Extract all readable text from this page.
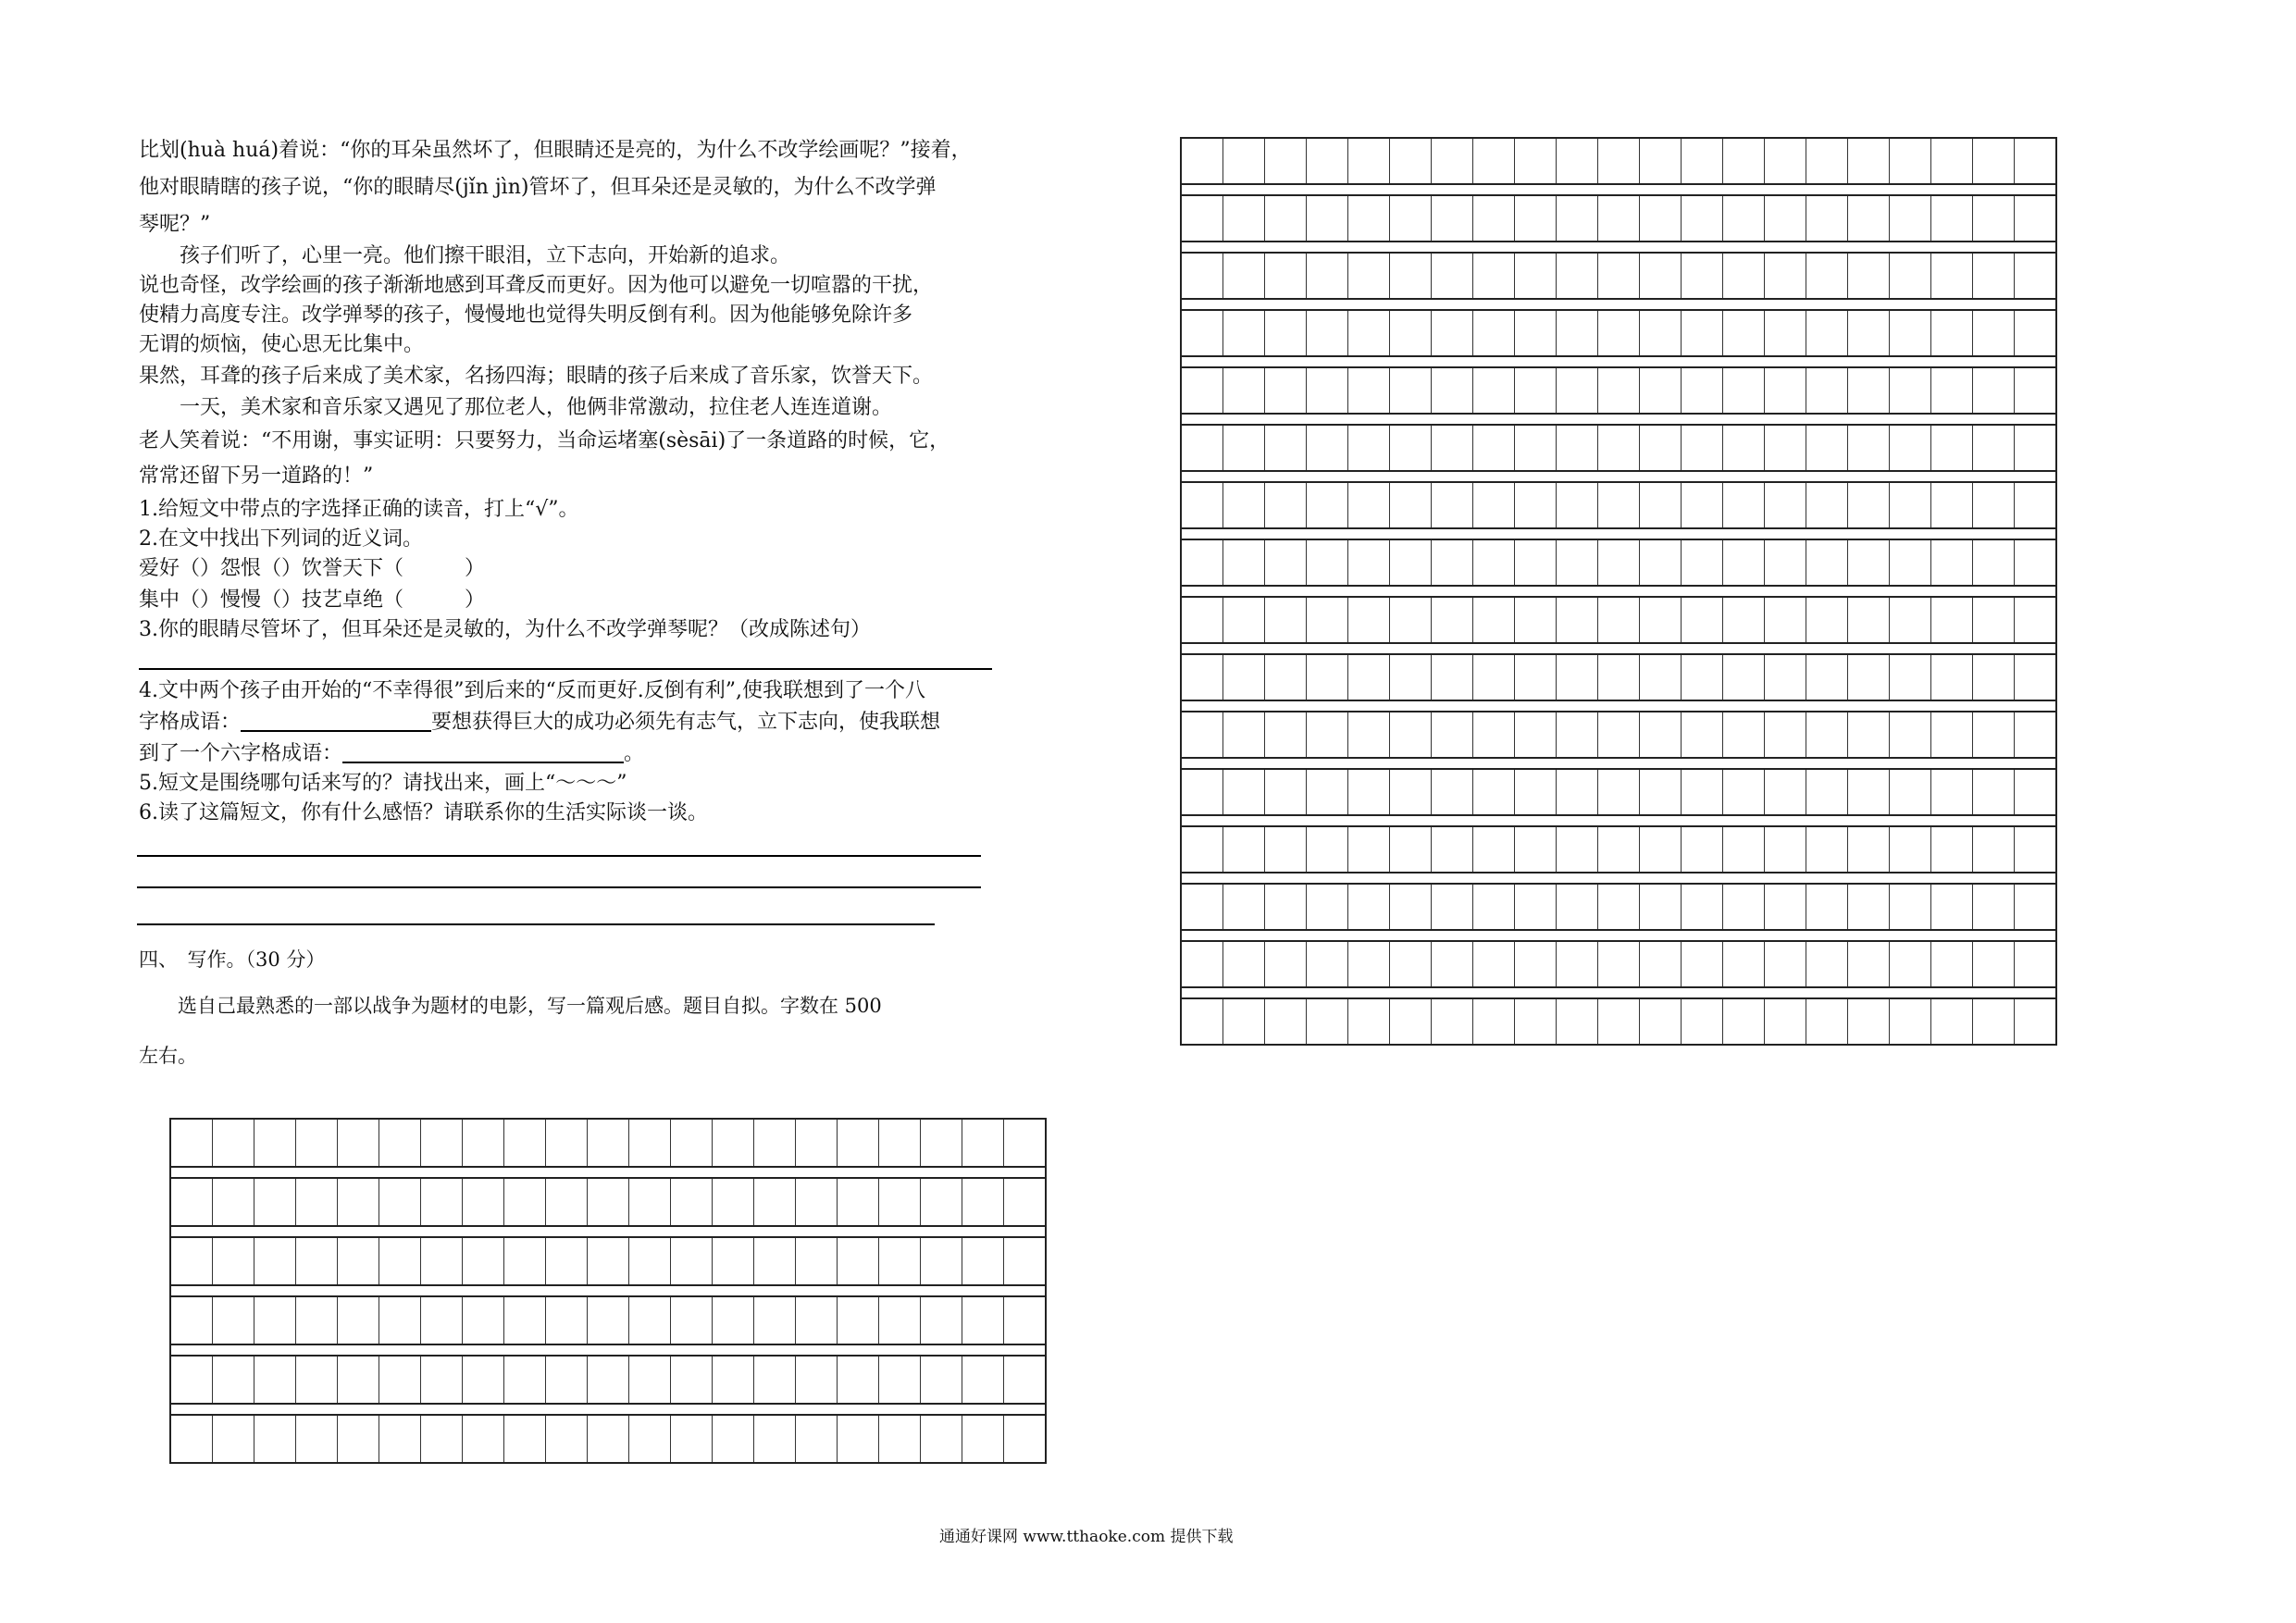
比划(huà huá)着说：“你的耳朵虽然坏了，但眼睛还是亮的，为什么不改学绘画呢？”接着，
他对眼睛瞎的孩子说，“你的眼睛尽(jǐn jìn)管坏了，但耳朵还是灵敏的，为什么不改学弹
琴呢？”
　　孩子们听了，心里一亮。他们擦干眼泪，立下志向，开始新的追求。
说也奇怪，改学绘画的孩子渐渐地感到耳聋反而更好。因为他可以避免一切喧嚣的干扰，
使精力高度专注。改学弹琴的孩子，慢慢地也觉得失明反倒有利。因为他能够免除许多
无谓的烦恼，使心思无比集中。
果然，耳聋的孩子后来成了美术家，名扬四海；眼睛的孩子后来成了音乐家，饮誉天下。
　　一天，美术家和音乐家又遇见了那位老人，他俩非常激动，拉住老人连连道谢。
老人笑着说：“不用谢，事实证明：只要努力，当命运堵塞(sèsāi)了一条道路的时候，它，
常常还留下另一道路的！”
1.给短文中带点的字选择正确的读音，打上“√”。
2.在文中找出下列词的近义词。
爱好（）怨恨（）饮誉天下（　　　）
集中（）慢慢（）技艺卓绝（　　　）
3.你的眼睛尽管坏了，但耳朵还是灵敏的，为什么不改学弹琴呢？（改成陈述句）
4.文中两个孩子由开始的“不幸得很”到后来的“反而更好.反倒有利”,使我联想到了一个八
字格成语：	要想获得巨大的成功必须先有志气，立下志向，使我联想
到了一个六字格成语：	。
5.短文是围绕哪句话来写的？请找出来，画上“～～～”
6.读了这篇短文，你有什么感悟？请联系你的生活实际谈一谈。
四、　写作。（30 分）
　　选自己最熟悉的一部以战争为题材的电影，写一篇观后感。题目自拟。字数在 500
左右。
通通好课网 www.tthaoke.com 提供下载
